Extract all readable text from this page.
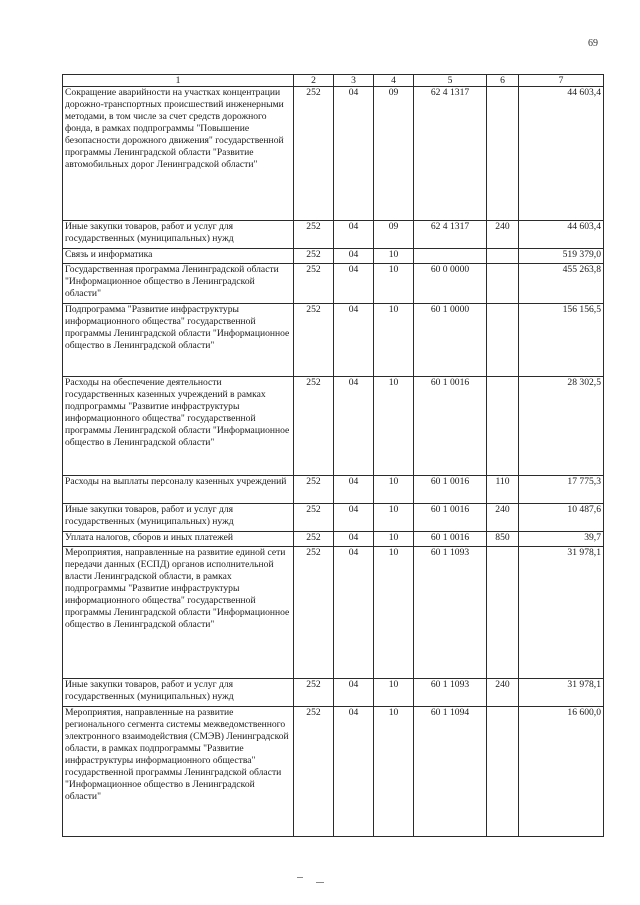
69
1	2	3	4	5	6	7
Сокращение аварийности на участках концентрации дорожно-транспортных происшествий инженерными методами, в том числе за счет средств дорожного фонда, в рамках подпрограммы "Повышение безопасности дорожного движения" государственной программы Ленинградской области "Развитие автомобильных дорог Ленинградской области"	252	04	09	62 4 1317		44 603,4
Иные закупки товаров, работ и услуг для государственных (муниципальных) нужд	252	04	09	62 4 1317	240	44 603,4
Связь и информатика	252	04	10			519 379,0
Государственная программа Ленинградской области "Информационное общество в Ленинградской области"	252	04	10	60 0 0000		455 263,8
Подпрограмма "Развитие инфраструктуры информационного общества" государственной программы Ленинградской области "Информационное общество в Ленинградской области"	252	04	10	60 1 0000		156 156,5
Расходы на обеспечение деятельности государственных казенных учреждений в рамках подпрограммы "Развитие инфраструктуры информационного общества" государственной программы Ленинградской области "Информационное общество в Ленинградской области"	252	04	10	60 1 0016		28 302,5
Расходы на выплаты персоналу казенных учреждений	252	04	10	60 1 0016	110	17 775,3
Иные закупки товаров, работ и услуг для государственных (муниципальных) нужд	252	04	10	60 1 0016	240	10 487,6
Уплата налогов, сборов и иных платежей	252	04	10	60 1 0016	850	39,7
Мероприятия, направленные на развитие единой сети передачи данных (ЕСПД) органов исполнительной власти Ленинградской области, в рамках подпрограммы "Развитие инфраструктуры информационного общества" государственной программы Ленинградской области "Информационное общество в Ленинградской области"	252	04	10	60 1 1093		31 978,1
Иные закупки товаров, работ и услуг для государственных (муниципальных) нужд	252	04	10	60 1 1093	240	31 978,1
Мероприятия, направленные на развитие регионального сегмента системы межведомственного электронного взаимодействия (СМЭВ) Ленинградской области, в рамках подпрограммы "Развитие инфраструктуры информационного общества" государственной программы Ленинградской области "Информационное общество в Ленинградской области"	252	04	10	60 1 1094		16 600,0
